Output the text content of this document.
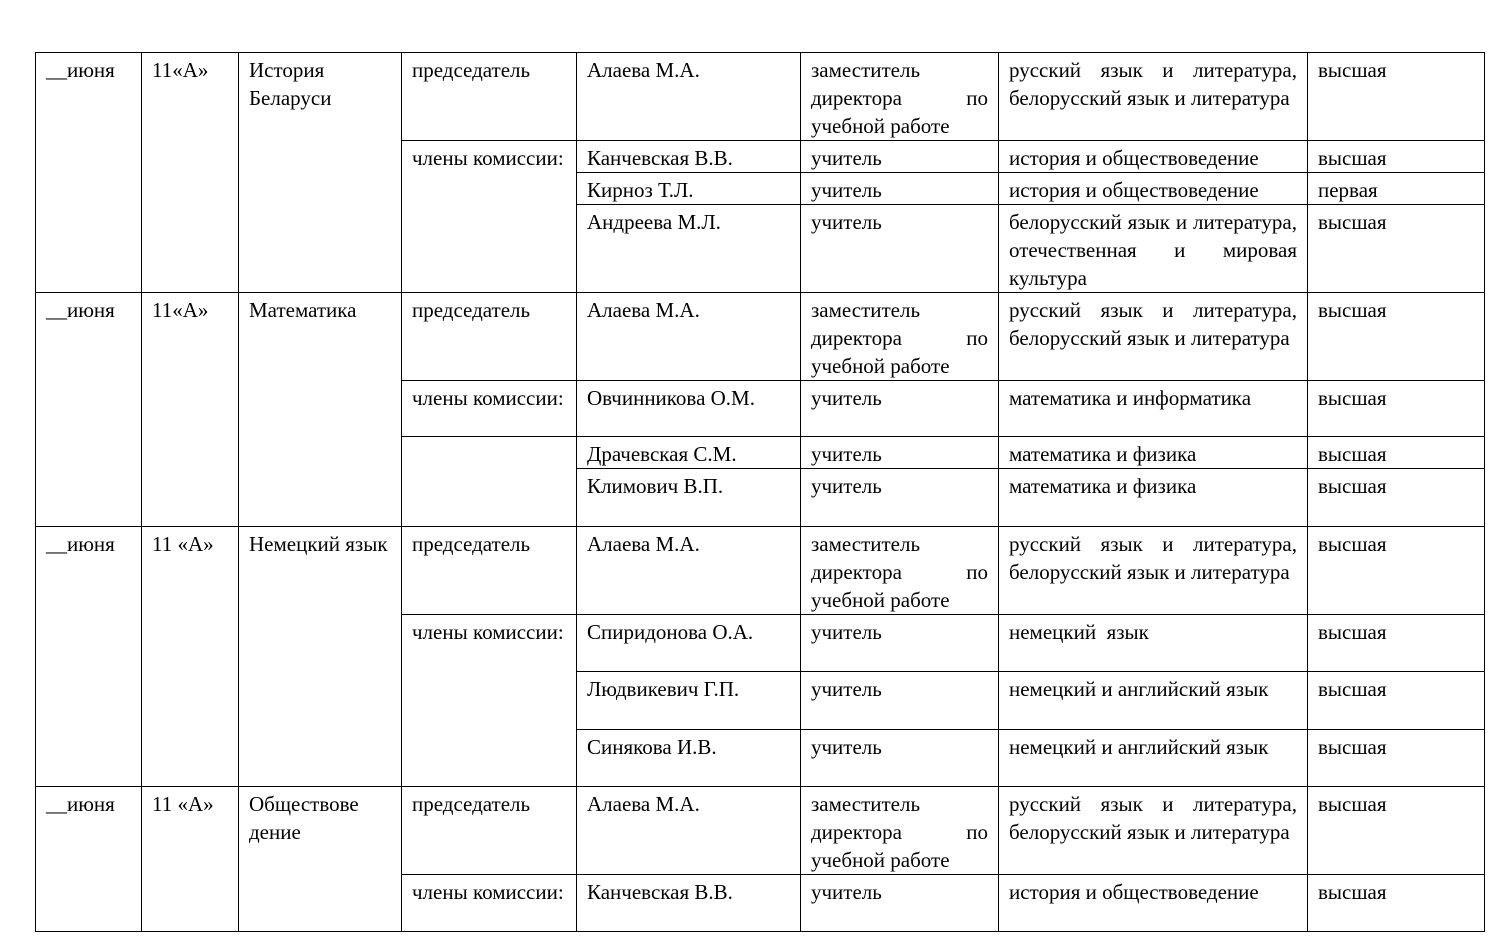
__июня	11«А»	История Беларуси	председатель	Алаева М.А.	заместитель директора по учебной работе	русский язык и литература, белорусский язык и литература	высшая
			члены комиссии:	Канчевская В.В.	учитель	история и обществоведение	высшая
				Кирноз Т.Л.	учитель	история и обществоведение	первая
				Андреева М.Л.	учитель	белорусский язык и литература, отечественная и мировая культура	высшая
__июня	11«А»	Математика	председатель	Алаева М.А.	заместитель директора по учебной работе	русский язык и литература, белорусский язык и литература	высшая
			члены комиссии:	Овчинникова О.М.	учитель	математика и информатика	высшая
				Драчевская С.М.	учитель	математика и физика	высшая
				Климович В.П.	учитель	математика и физика	высшая
__июня	11 «А»	Немецкий язык	председатель	Алаева М.А.	заместитель директора по учебной работе	русский язык и литература, белорусский язык и литература	высшая
			члены комиссии:	Спиридонова О.А.	учитель	немецкий  язык	высшая
				Людвикевич Г.П.	учитель	немецкий и английский язык	высшая
				Синякова И.В.	учитель	немецкий и английский язык	высшая
__июня	11 «А»	Обществове дение	председатель	Алаева М.А.	заместитель директора по учебной работе	русский язык и литература, белорусский язык и литература	высшая
			члены комиссии:	Канчевская В.В.	учитель	история и обществоведение	высшая
